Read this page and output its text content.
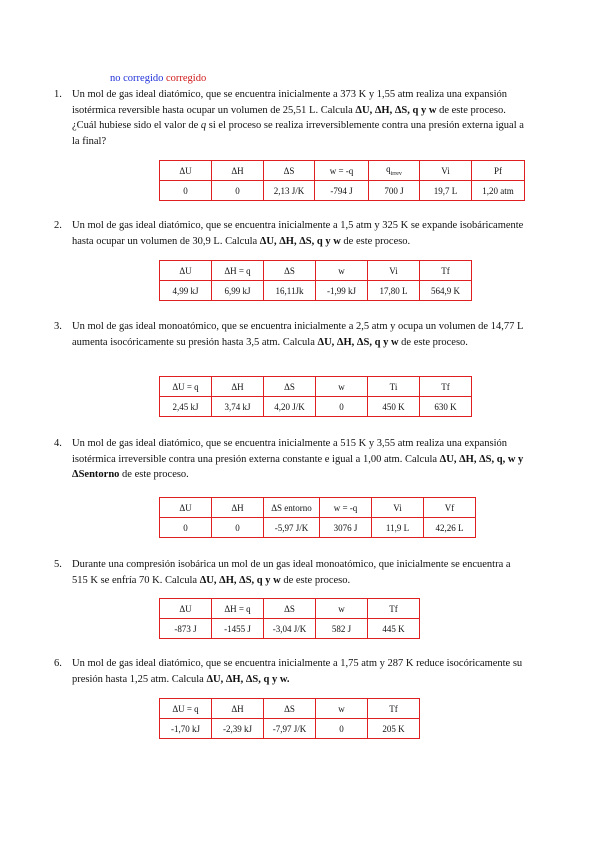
no corregido corregido
1. Un mol de gas ideal diatómico, que se encuentra inicialmente a 373 K y 1,55 atm realiza una expansión isotérmica reversible hasta ocupar un volumen de 25,51 L. Calcula ΔU, ΔH, ΔS, q y w de este proceso. ¿Cuál hubiese sido el valor de q si el proceso se realiza irreversiblemente contra una presión externa igual a la final?
ΔU	ΔH	ΔS	w = -q	$q_{irrev}$	Vi	Pf
0	0	2,13 J/K	-794 J	700 J	19,7 L	1,20 atm
2. Un mol de gas ideal diatómico, que se encuentra inicialmente a 1,5 atm y 325 K se expande isobáricamente hasta ocupar un volumen de 30,9 L. Calcula ΔU, ΔH, ΔS, q y w de este proceso.
ΔU	ΔH = q	ΔS	w	Vi	Tf
4,99 kJ	6,99 kJ	16,11Jk	-1,99 kJ	17,80 L	564,9 K
3. Un mol de gas ideal monoatómico, que se encuentra inicialmente a 2,5 atm y ocupa un volumen de 14,77 L aumenta isocóricamente su presión hasta 3,5 atm. Calcula ΔU, ΔH, ΔS, q y w de este proceso.
ΔU = q	ΔH	ΔS	w	Ti	Tf
2,45 kJ	3,74 kJ	4,20 J/K	0	450 K	630 K
4. Un mol de gas ideal diatómico, que se encuentra inicialmente a 515 K y 3,55 atm realiza una expansión isotérmica irreversible contra una presión externa constante e igual a 1,00 atm. Calcula ΔU, ΔH, ΔS, q, w y ΔSentorno de este proceso.
ΔU	ΔH	ΔS entorno	w = -q	Vi	Vf
0	0	-5,97 J/K	3076 J	11,9 L	42,26 L
5. Durante una compresión isobárica un mol de un gas ideal monoatómico, que inicialmente se encuentra a 515 K se enfría 70 K. Calcula ΔU, ΔH, ΔS, q y w de este proceso.
ΔU	ΔH = q	ΔS	w	Tf
-873 J	-1455 J	-3,04 J/K	582 J	445 K
6. Un mol de gas ideal diatómico, que se encuentra inicialmente a 1,75 atm y 287 K reduce isocóricamente su presión hasta 1,25 atm. Calcula ΔU, ΔH, ΔS, q y w.
ΔU = q	ΔH	ΔS	w	Tf
-1,70 kJ	-2,39 kJ	-7,97 J/K	0	205 K
